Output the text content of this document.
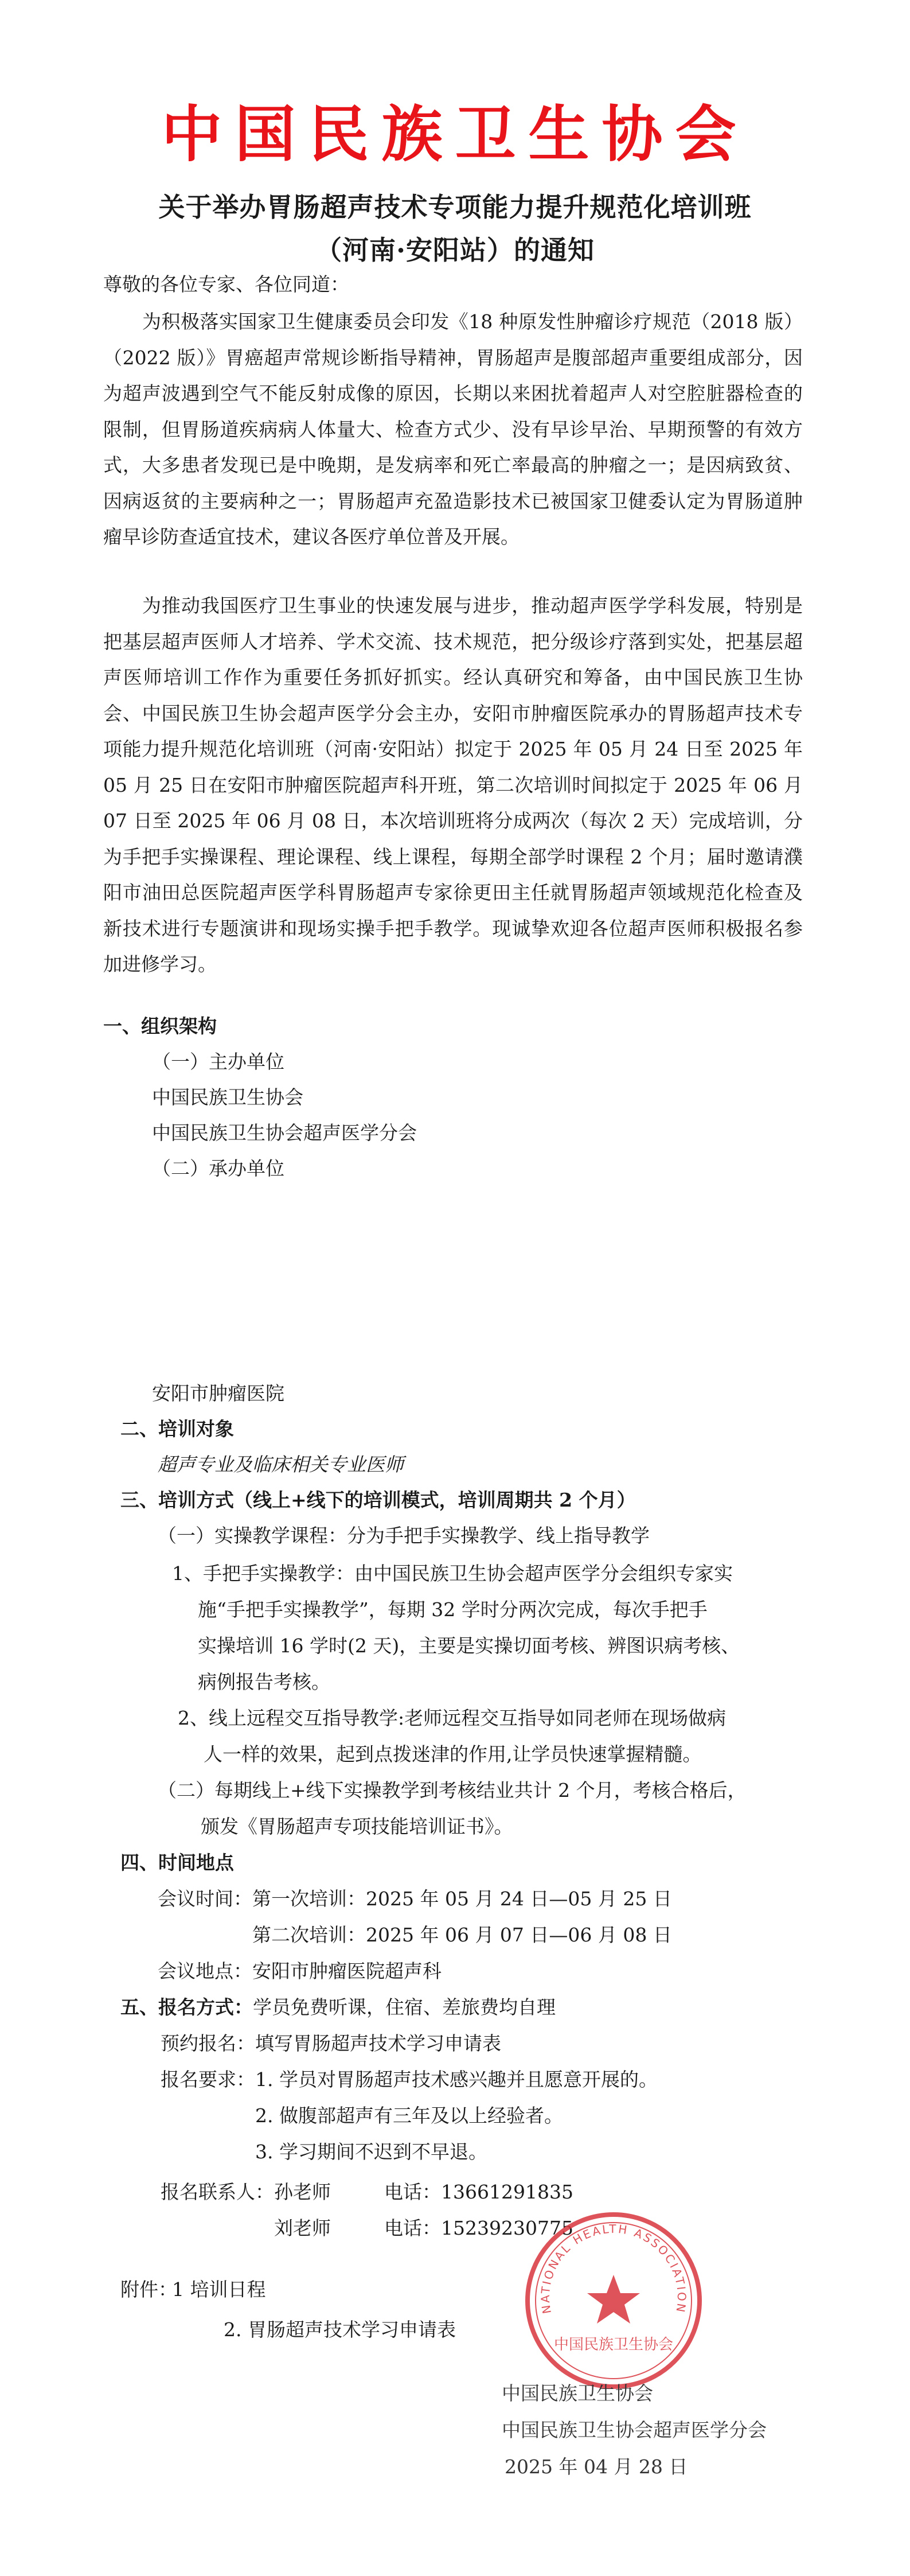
中国民族卫生协会
关于举办胃肠超声技术专项能力提升规范化培训班
（河南·安阳站）的通知
尊敬的各位专家、各位同道：
为积极落实国家卫生健康委员会印发《18 种原发性肿瘤诊疗规范（2018 版）（2022 版）》胃癌超声常规诊断指导精神，胃肠超声是腹部超声重要组成部分，因为超声波遇到空气不能反射成像的原因，长期以来困扰着超声人对空腔脏器检查的限制，但胃肠道疾病病人体量大、检查方式少、没有早诊早治、早期预警的有效方式，大多患者发现已是中晚期，是发病率和死亡率最高的肿瘤之一；是因病致贫、因病返贫的主要病种之一；胃肠超声充盈造影技术已被国家卫健委认定为胃肠道肿瘤早诊防查适宜技术，建议各医疗单位普及开展。
为推动我国医疗卫生事业的快速发展与进步，推动超声医学学科发展，特别是把基层超声医师人才培养、学术交流、技术规范，把分级诊疗落到实处，把基层超声医师培训工作作为重要任务抓好抓实。经认真研究和筹备，由中国民族卫生协会、中国民族卫生协会超声医学分会主办，安阳市肿瘤医院承办的胃肠超声技术专项能力提升规范化培训班（河南·安阳站）拟定于 2025 年 05 月 24 日至 2025 年 05 月 25 日在安阳市肿瘤医院超声科开班，第二次培训时间拟定于 2025 年 06 月 07 日至 2025 年 06 月 08 日，本次培训班将分成两次（每次 2 天）完成培训，分为手把手实操课程、理论课程、线上课程，每期全部学时课程 2 个月；届时邀请濮阳市油田总医院超声医学科胃肠超声专家徐更田主任就胃肠超声领域规范化检查及新技术进行专题演讲和现场实操手把手教学。现诚挚欢迎各位超声医师积极报名参加进修学习。
一、组织架构
（一）主办单位
中国民族卫生协会
中国民族卫生协会超声医学分会
（二）承办单位
安阳市肿瘤医院
二、培训对象
超声专业及临床相关专业医师
三、培训方式（线上+线下的培训模式，培训周期共 2 个月）
（一）实操教学课程：分为手把手实操教学、线上指导教学
1、手把手实操教学：由中国民族卫生协会超声医学分会组织专家实
施“手把手实操教学”，每期 32 学时分两次完成，每次手把手
实操培训 16 学时(2 天)，主要是实操切面考核、辨图识病考核、
病例报告考核。
2、线上远程交互指导教学:老师远程交互指导如同老师在现场做病
人一样的效果，起到点拨迷津的作用,让学员快速掌握精髓。
（二）每期线上+线下实操教学到考核结业共计 2 个月，考核合格后，
颁发《胃肠超声专项技能培训证书》。
四、时间地点
会议时间： 第一次培训：2025 年 05 月 24 日—05 月 25 日
第二次培训：2025 年 06 月 07 日—06 月 08 日
会议地点： 安阳市肿瘤医院超声科
五、报名方式：学员免费听课，住宿、差旅费均自理
预约报名：填写胃肠超声技术学习申请表
报名要求： 1. 学员对胃肠超声技术感兴趣并且愿意开展的。
2. 做腹部超声有三年及以上经验者。
3. 学习期间不迟到不早退。
报名联系人： 孙老师	电话：13661291835
刘老师	电话：15239230775
附件：
1 培训日程
2. 胃肠超声技术学习申请表
NATIONAL HEALTH ASSOCIATION
中国民族卫生协会
中国民族卫生协会
中国民族卫生协会超声医学分会
2025 年 04 月 28 日
